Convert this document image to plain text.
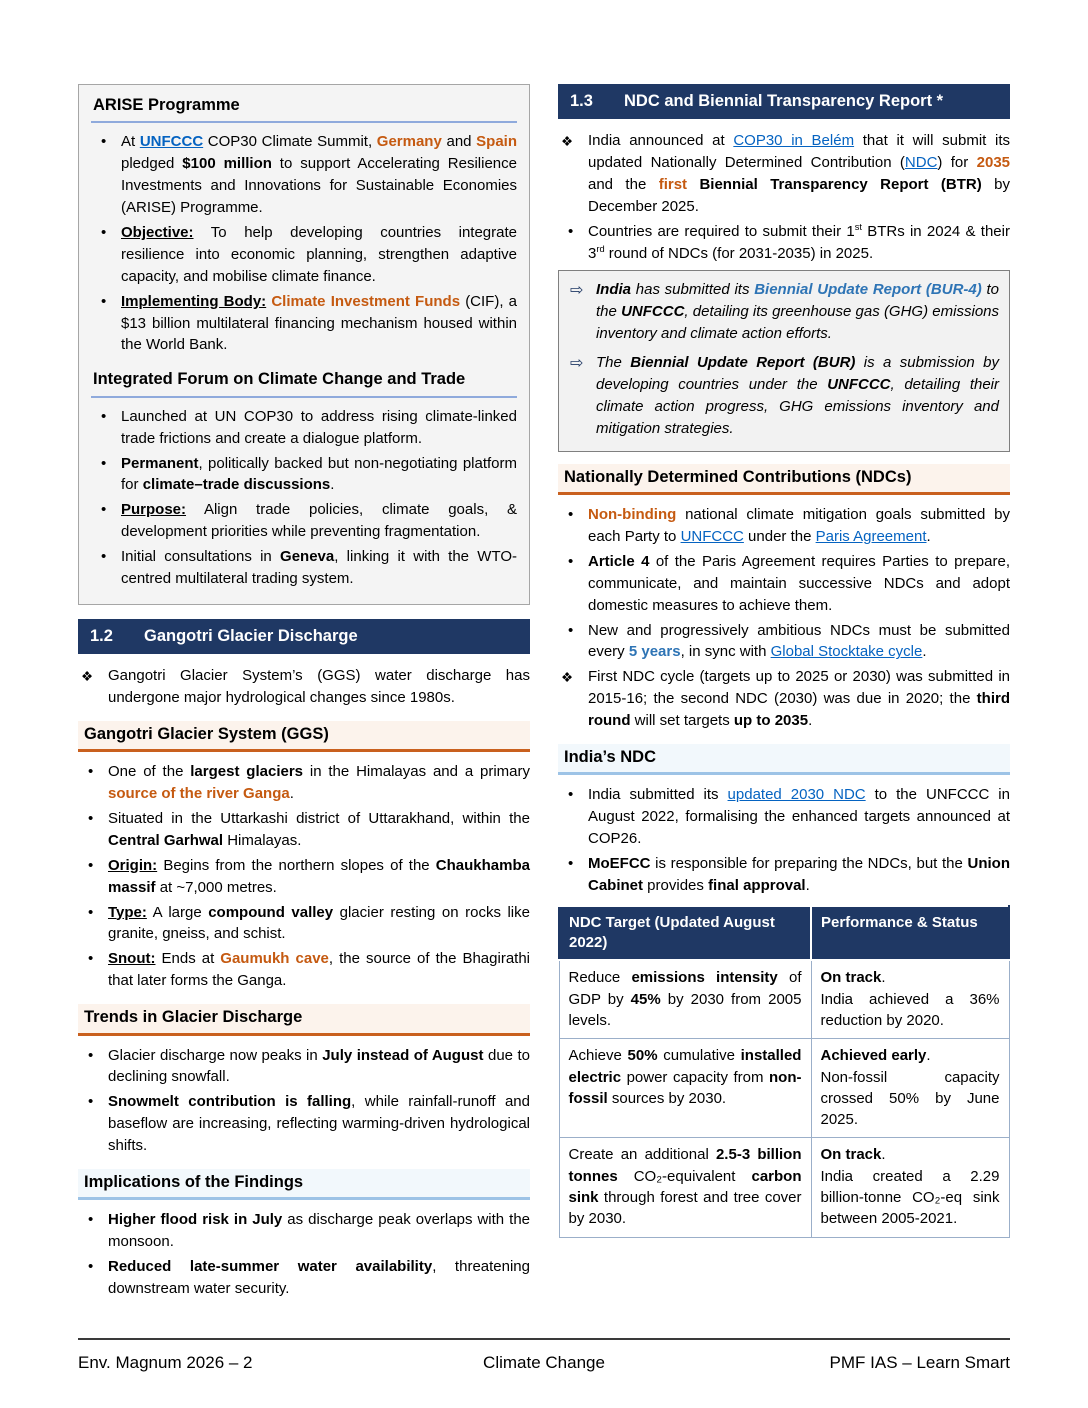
ARISE Programme
• At UNFCCC COP30 Climate Summit, Germany and Spain pledged $100 million to support Accelerating Resilience Investments and Innovations for Sustainable Economies (ARISE) Programme.
• Objective: To help developing countries integrate resilience into economic planning, strengthen adaptive capacity, and mobilise climate finance.
• Implementing Body: Climate Investment Funds (CIF), a $13 billion multilateral financing mechanism housed within the World Bank.
Integrated Forum on Climate Change and Trade
• Launched at UN COP30 to address rising climate-linked trade frictions and create a dialogue platform.
• Permanent, politically backed but non-negotiating platform for climate–trade discussions.
• Purpose: Align trade policies, climate goals, & development priorities while preventing fragmentation.
• Initial consultations in Geneva, linking it with the WTO-centred multilateral trading system.
1.2	Gangotri Glacier Discharge
❖ Gangotri Glacier System’s (GGS) water discharge has undergone major hydrological changes since 1980s.
Gangotri Glacier System (GGS)
• One of the largest glaciers in the Himalayas and a primary source of the river Ganga.
• Situated in the Uttarkashi district of Uttarakhand, within the Central Garhwal Himalayas.
• Origin: Begins from the northern slopes of the Chaukhamba massif at ~7,000 metres.
• Type: A large compound valley glacier resting on rocks like granite, gneiss, and schist.
• Snout: Ends at Gaumukh cave, the source of the Bhagirathi that later forms the Ganga.
Trends in Glacier Discharge
• Glacier discharge now peaks in July instead of August due to declining snowfall.
• Snowmelt contribution is falling, while rainfall-runoff and baseflow are increasing, reflecting warming-driven hydrological shifts.
Implications of the Findings
• Higher flood risk in July as discharge peak overlaps with the monsoon.
• Reduced late-summer water availability, threatening downstream water security.
1.3	NDC and Biennial Transparency Report *
❖ India announced at COP30 in Belém that it will submit its updated Nationally Determined Contribution (NDC) for 2035 and the first Biennial Transparency Report (BTR) by December 2025.
• Countries are required to submit their 1st BTRs in 2024 & their 3rd round of NDCs (for 2031-2035) in 2025.
⇨ India has submitted its Biennial Update Report (BUR-4) to the UNFCCC, detailing its greenhouse gas (GHG) emissions inventory and climate action efforts.
⇨ The Biennial Update Report (BUR) is a submission by developing countries under the UNFCCC, detailing their climate action progress, GHG emissions inventory and mitigation strategies.
Nationally Determined Contributions (NDCs)
• Non-binding national climate mitigation goals submitted by each Party to UNFCCC under the Paris Agreement.
• Article 4 of the Paris Agreement requires Parties to prepare, communicate, and maintain successive NDCs and adopt domestic measures to achieve them.
• New and progressively ambitious NDCs must be submitted every 5 years, in sync with Global Stocktake cycle.
❖ First NDC cycle (targets up to 2025 or 2030) was submitted in 2015-16; the second NDC (2030) was due in 2020; the third round will set targets up to 2035.
India’s NDC
• India submitted its updated 2030 NDC to the UNFCCC in August 2022, formalising the enhanced targets announced at COP26.
• MoEFCC is responsible for preparing the NDCs, but the Union Cabinet provides final approval.
NDC Target (Updated August 2022)	Performance & Status
Reduce emissions intensity of GDP by 45% by 2030 from 2005 levels.	On track.
India achieved a 36% reduction by 2020.
Achieve 50% cumulative installed electric power capacity from non-fossil sources by 2030.	Achieved early.
Non-fossil capacity crossed 50% by June 2025.
Create an additional 2.5-3 billion tonnes CO₂-equivalent carbon sink through forest and tree cover by 2030.	On track.
India created a 2.29 billion-tonne CO₂-eq sink between 2005-2021.
Climate Change
Env. Magnum 2026 – 2	PMF IAS – Learn Smart
